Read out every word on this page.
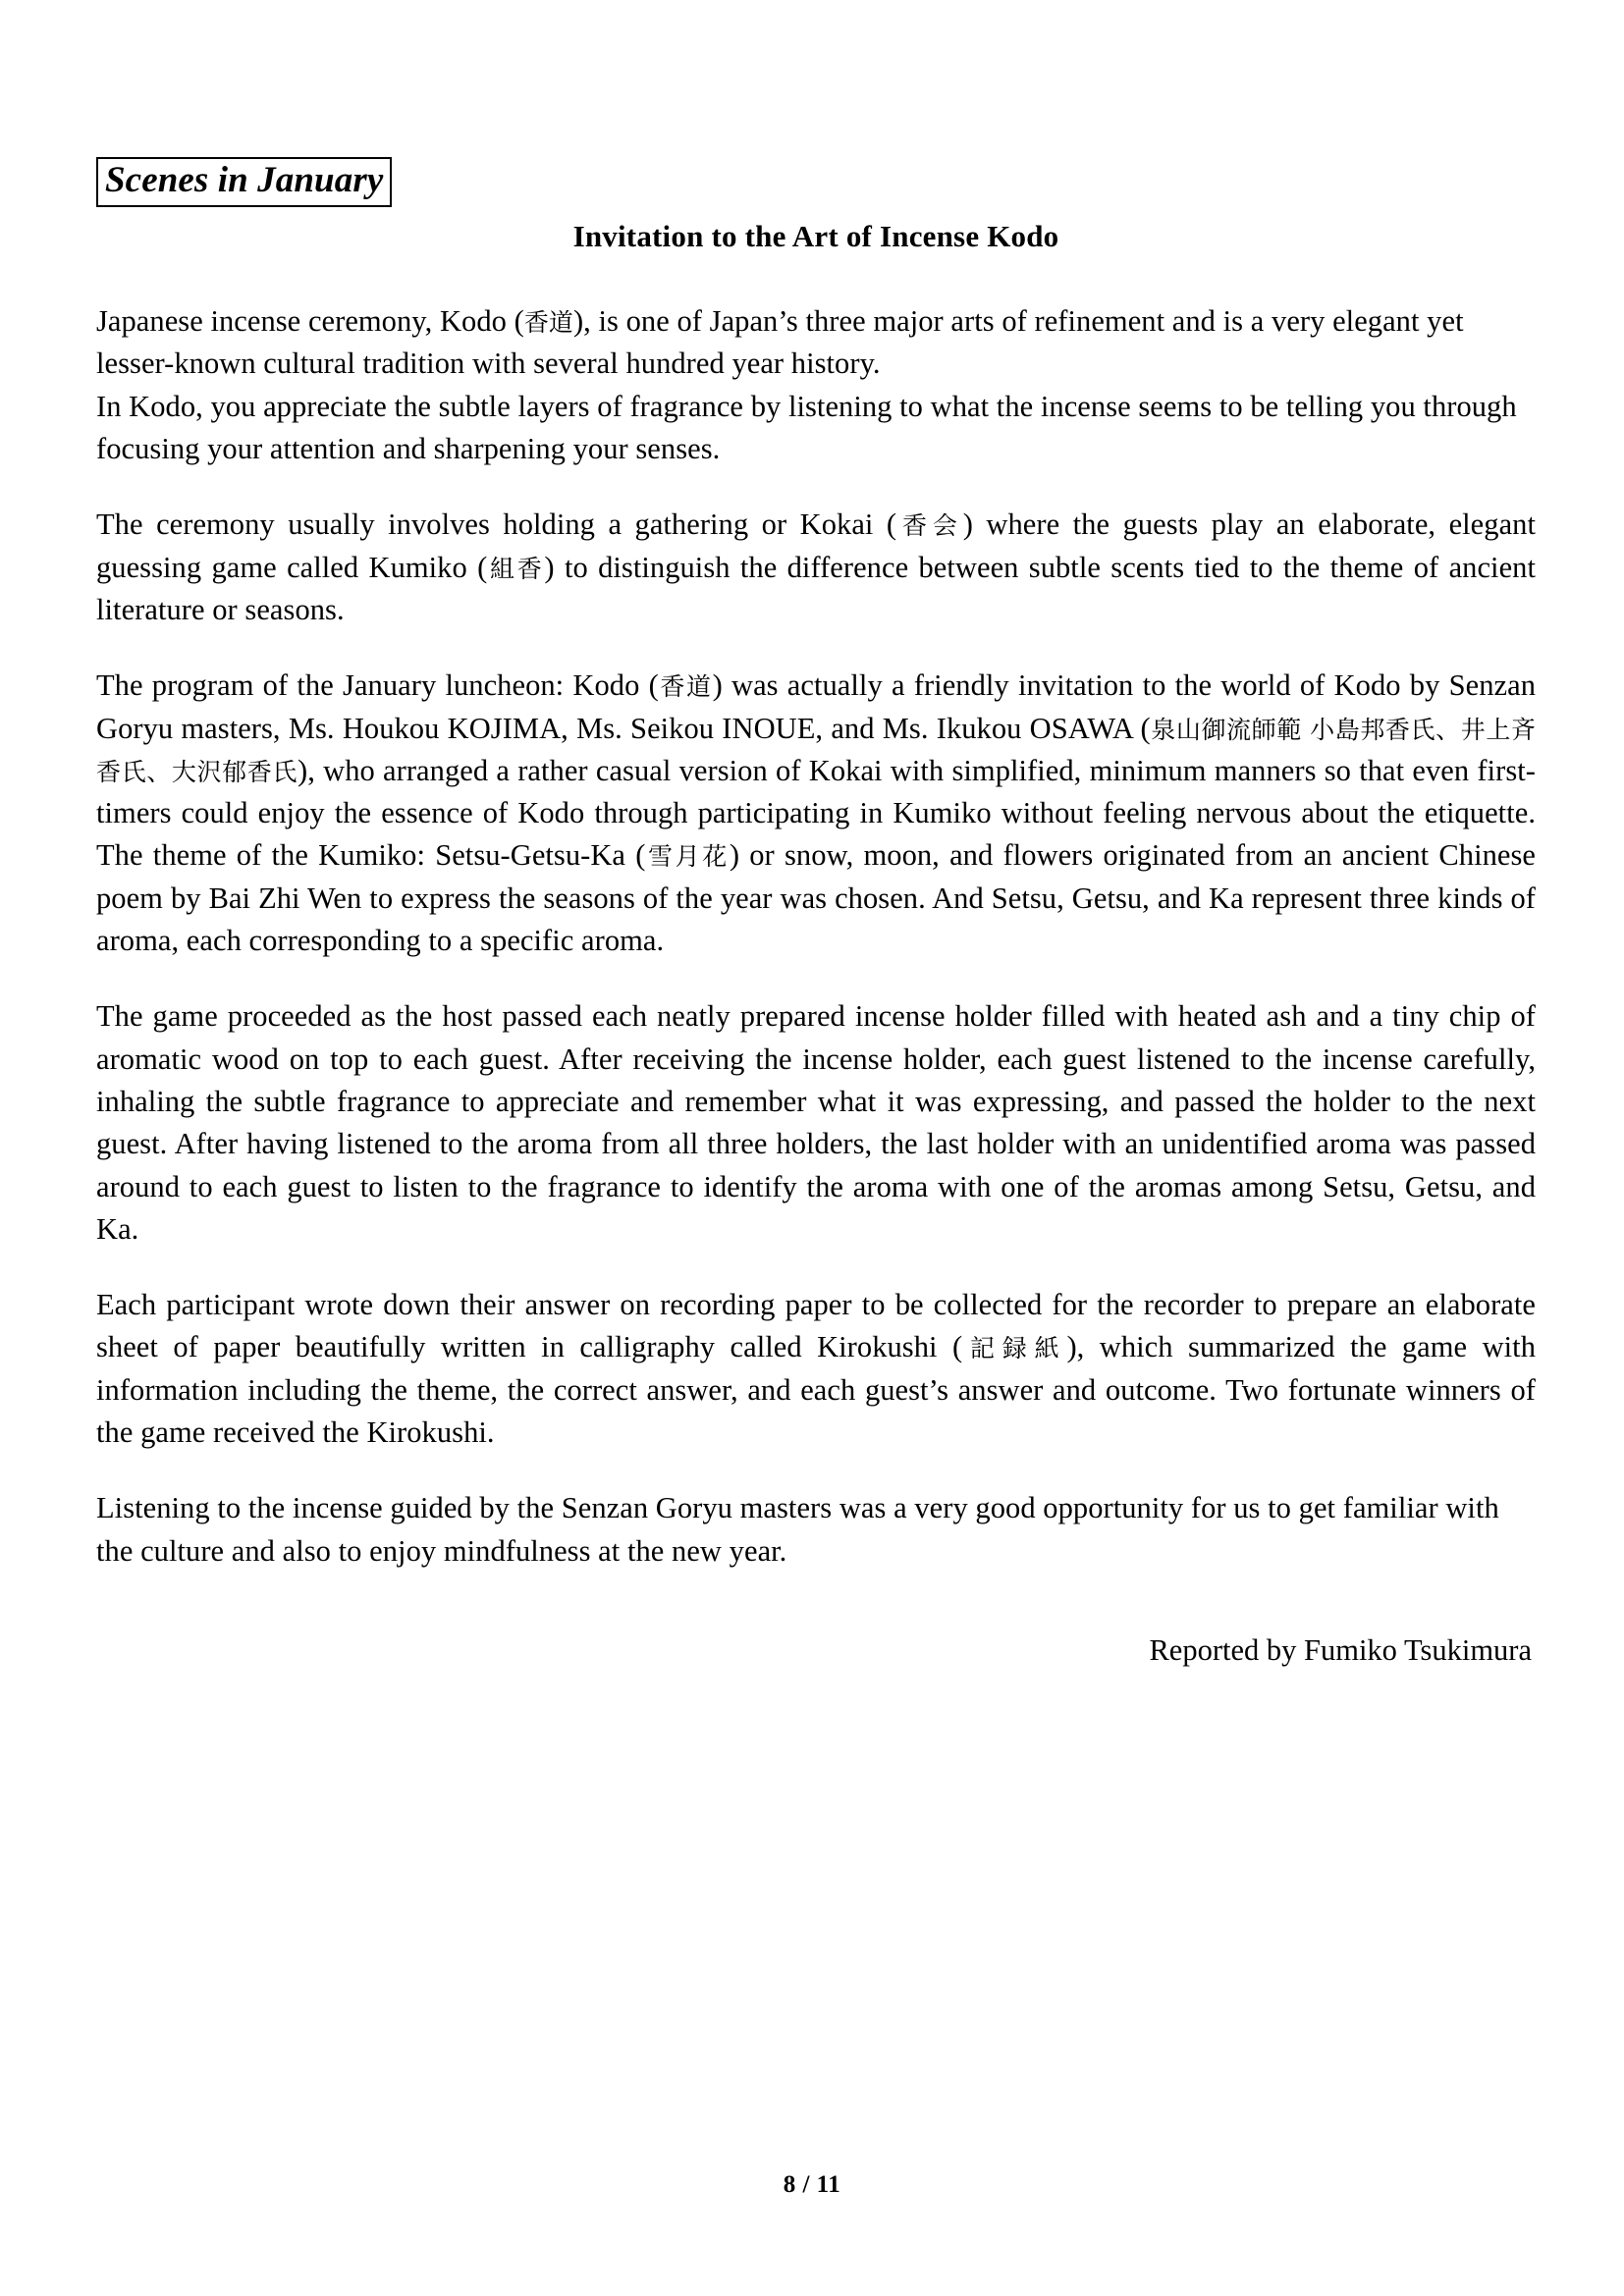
Scenes in January
Invitation to the Art of Incense Kodo

Japanese incense ceremony, Kodo (香道), is one of Japan’s three major arts of refinement and is a very elegant yet lesser-known cultural tradition with several hundred year history.
In Kodo, you appreciate the subtle layers of fragrance by listening to what the incense seems to be telling you through focusing your attention and sharpening your senses.

The ceremony usually involves holding a gathering or Kokai (香会) where the guests play an elaborate, elegant guessing game called Kumiko (組香) to distinguish the difference between subtle scents tied to the theme of ancient literature or seasons.

The program of the January luncheon: Kodo (香道) was actually a friendly invitation to the world of Kodo by Senzan Goryu masters, Ms. Houkou KOJIMA, Ms. Seikou INOUE, and Ms. Ikukou OSAWA (泉山御流師範 小島邦香氏、井上斉香氏、大沢郁香氏), who arranged a rather casual version of Kokai with simplified, minimum manners so that even first-timers could enjoy the essence of Kodo through participating in Kumiko without feeling nervous about the etiquette. The theme of the Kumiko: Setsu-Getsu-Ka (雪月花) or snow, moon, and flowers originated from an ancient Chinese poem by Bai Zhi Wen to express the seasons of the year was chosen. And Setsu, Getsu, and Ka represent three kinds of aroma, each corresponding to a specific aroma.

The game proceeded as the host passed each neatly prepared incense holder filled with heated ash and a tiny chip of aromatic wood on top to each guest. After receiving the incense holder, each guest listened to the incense carefully, inhaling the subtle fragrance to appreciate and remember what it was expressing, and passed the holder to the next guest. After having listened to the aroma from all three holders, the last holder with an unidentified aroma was passed around to each guest to listen to the fragrance to identify the aroma with one of the aromas among Setsu, Getsu, and Ka.

Each participant wrote down their answer on recording paper to be collected for the recorder to prepare an elaborate sheet of paper beautifully written in calligraphy called Kirokushi (記録紙), which summarized the game with information including the theme, the correct answer, and each guest’s answer and outcome. Two fortunate winners of the game received the Kirokushi.

Listening to the incense guided by the Senzan Goryu masters was a very good opportunity for us to get familiar with the culture and also to enjoy mindfulness at the new year.

Reported by Fumiko Tsukimura
8 / 11
